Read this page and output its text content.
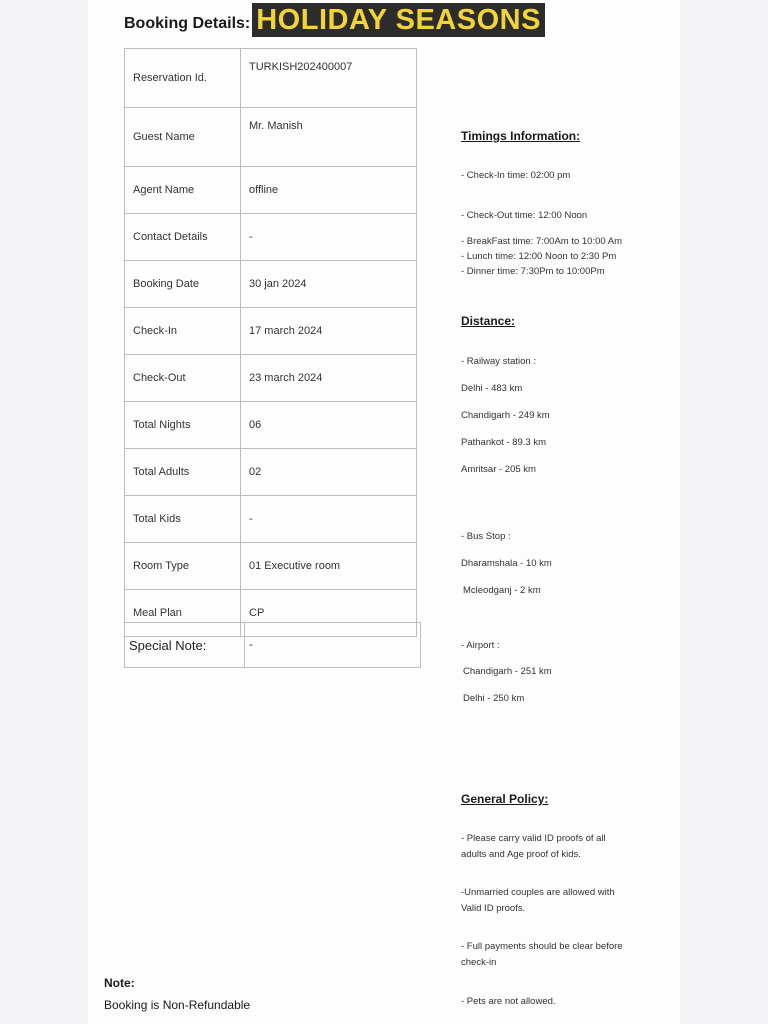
Booking Details: HOLIDAY SEASONS
Reservation Id.	TURKISH202400007
Guest Name	Mr. Manish
Agent Name	offline
Contact Details	-
Booking Date	30 jan 2024
Check-In	17 march 2024
Check-Out	23 march 2024
Total Nights	06
Total Adults	02
Total Kids	-
Room Type	01 Executive room
Meal Plan	CP
Special Note:	-
Timings Information:
- Check-In time: 02:00 pm
- Check-Out time: 12:00 Noon
- BreakFast time: 7:00Am to 10:00 Am
- Lunch time: 12:00 Noon to 2:30 Pm
- Dinner time: 7:30Pm to 10:00Pm
Distance:
- Railway station :
Delhi - 483 km
Chandigarh - 249 km
Pathankot - 89.3 km
Amritsar - 205 km
- Bus Stop :
Dharamshala - 10 km
Mcleodganj - 2 km
- Airport :
Chandigarh - 251 km
Delhi - 250 km
General Policy:
- Please carry valid ID proofs of all
adults and Age proof of kids.
-Unmarried couples are allowed with
Valid ID proofs.
- Full payments should be clear before
check-in
- Pets are not allowed.
Note:
Booking is Non-Refundable
